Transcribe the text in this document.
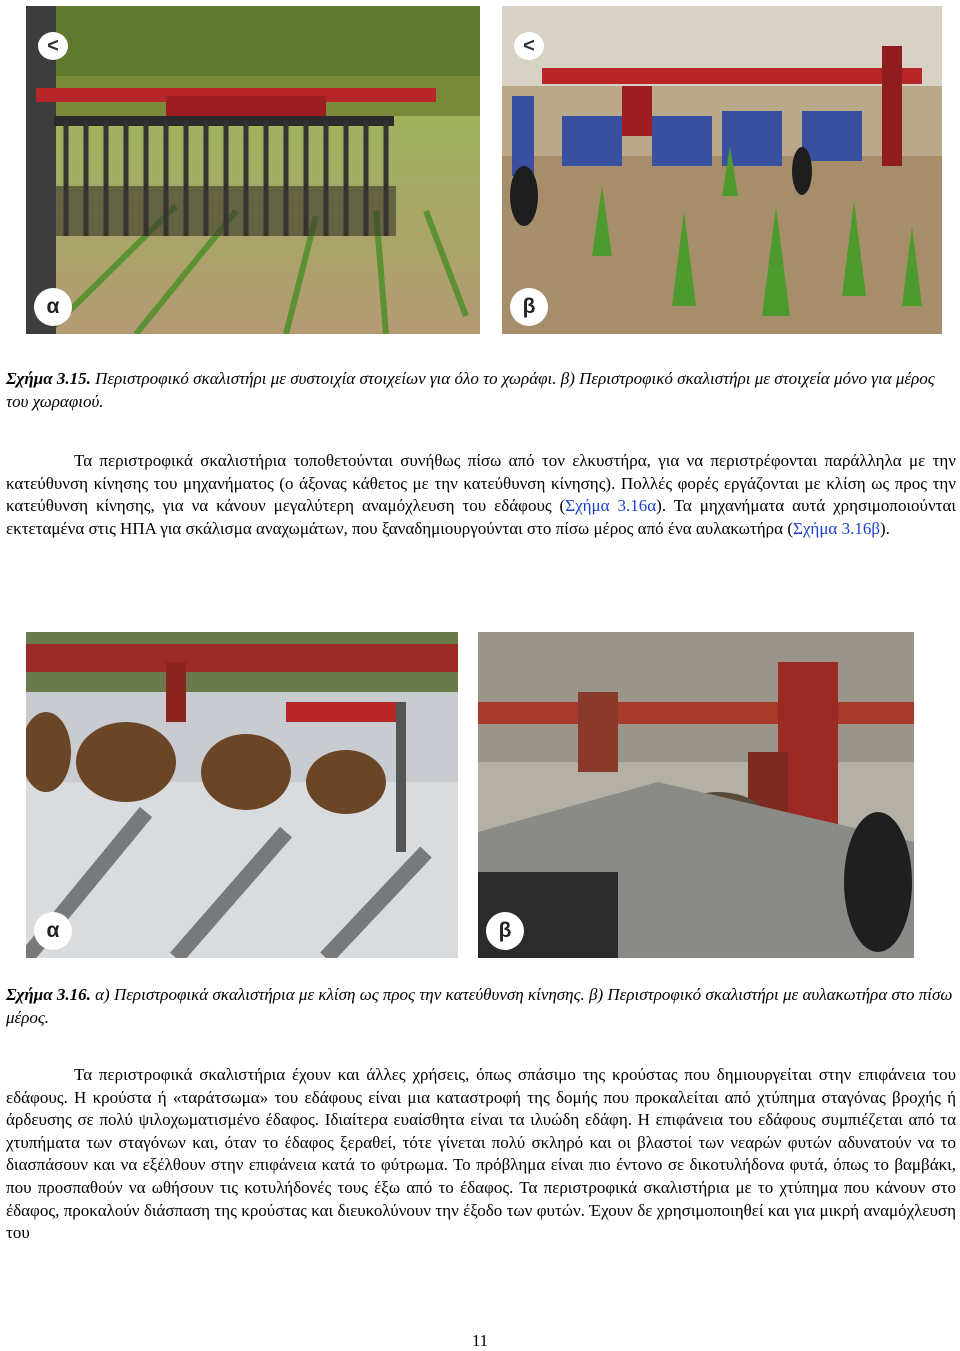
<
α
<
β

Σχήμα 3.15. Περιστροφικό σκαλιστήρι με συστοιχία στοιχείων για όλο το χωράφι. β) Περιστροφικό σκαλιστήρι με στοιχεία μόνο για μέρος του χωραφιού.

Τα περιστροφικά σκαλιστήρια τοποθετούνται συνήθως πίσω από τον ελκυστήρα, για να περιστρέφονται παράλληλα με την κατεύθυνση κίνησης του μηχανήματος (ο άξονας κάθετος με την κατεύθυνση κίνησης). Πολλές φορές εργάζονται με κλίση ως προς την κατεύθυνση κίνησης, για να κάνουν μεγαλύτερη αναμόχλευση του εδάφους (Σχήμα 3.16α). Τα μηχανήματα αυτά χρησιμοποιούνται εκτεταμένα στις ΗΠΑ για σκάλισμα αναχωμάτων, που ξαναδημιουργούνται στο πίσω μέρος από ένα αυλακωτήρα (Σχήμα 3.16β).

α	β

Σχήμα 3.16. α) Περιστροφικά σκαλιστήρια με κλίση ως προς την κατεύθυνση κίνησης. β) Περιστροφικό σκαλιστήρι με αυλακωτήρα στο πίσω μέρος.

Τα περιστροφικά σκαλιστήρια έχουν και άλλες χρήσεις, όπως σπάσιμο της κρούστας που δημιουργείται στην επιφάνεια του εδάφους. Η κρούστα ή «ταράτσωμα» του εδάφους είναι μια καταστροφή της δομής που προκαλείται από χτύπημα σταγόνας βροχής ή άρδευσης σε πολύ ψιλοχωματισμένο έδαφος. Ιδιαίτερα ευαίσθητα είναι τα ιλυώδη εδάφη. Η επιφάνεια του εδάφους συμπιέζεται από τα χτυπήματα των σταγόνων και, όταν το έδαφος ξεραθεί, τότε γίνεται πολύ σκληρό και οι βλαστοί των νεαρών φυτών αδυνατούν να το διασπάσουν και να εξέλθουν στην επιφάνεια κατά το φύτρωμα. Το πρόβλημα είναι πιο έντονο σε δικοτυλήδονα φυτά, όπως το βαμβάκι, που προσπαθούν να ωθήσουν τις κοτυλήδονές τους έξω από το έδαφος. Τα περιστροφικά σκαλιστήρια με το χτύπημα που κάνουν στο έδαφος, προκαλούν διάσπαση της κρούστας και διευκολύνουν την έξοδο των φυτών. Έχουν δε χρησιμοποιηθεί και για μικρή αναμόχλευση του

11
